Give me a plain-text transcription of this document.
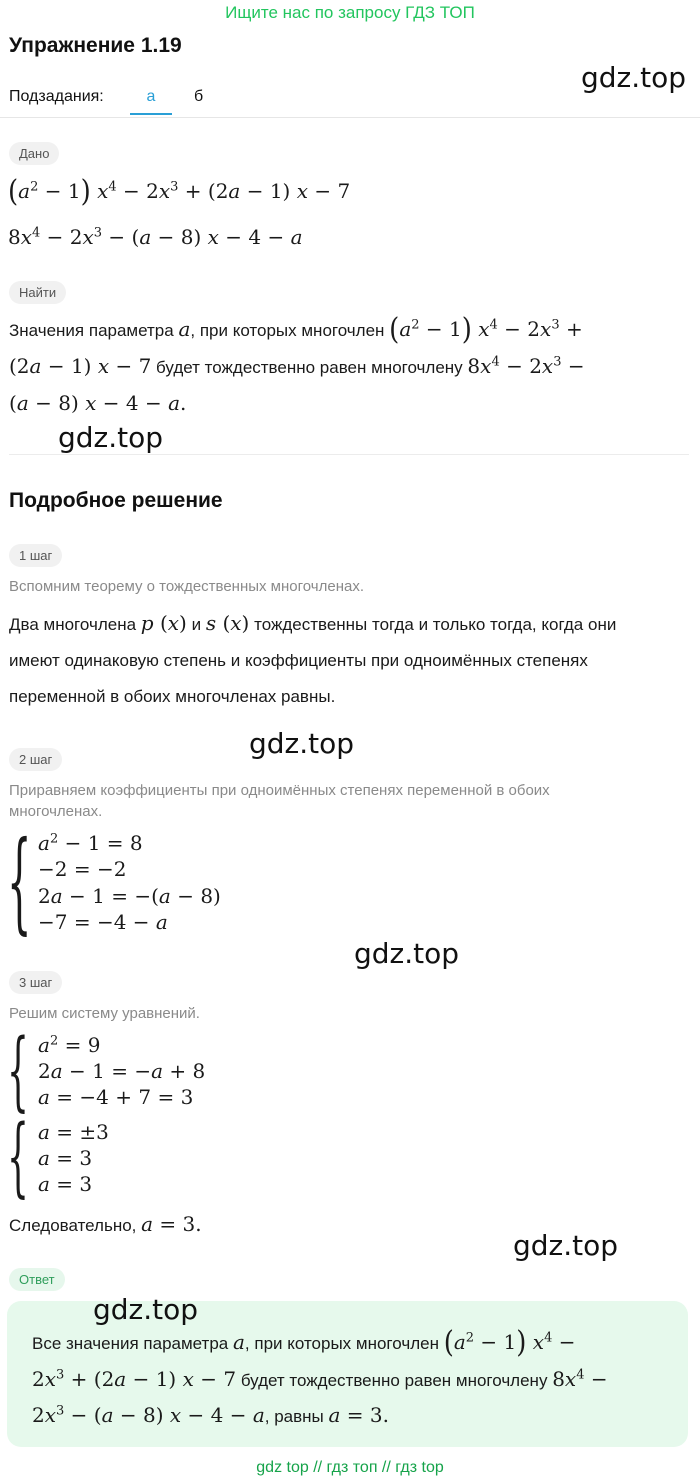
Ищите нас по запросу ГДЗ ТОП
Упражнение 1.19
gdz.top
Подзадания:	а	б
Дано
$(a^2 - 1) x^4 - 2x^3 + (2a - 1) x - 7$
$8x^4 - 2x^3 - (a - 8) x - 4 - a$
Найти
Значения параметра a, при которых многочлен $(a^2 - 1) x^4 - 2x^3$ +
(2a − 1) x − 7 будет тождественно равен многочлену $8x^4 - 2x^3$ −
(a − 8) x − 4 − a.
gdz.top
Подробное решение
1 шаг
Вспомним теорему о тождественных многочленах.
Два многочлена p (x) и s (x) тождественны тогда и только тогда, когда они
имеют одинаковую степень и коэффициенты при одноимённых степенях
переменной в обоих многочленах равны.
gdz.top
2 шаг
Приравняем коэффициенты при одноимённых степенях переменной в обоих
многочленах.
{ $a^2 - 1 = 8$
−2 = −2
2a − 1 = −(a − 8)
−7 = −4 − a
gdz.top
3 шаг
Решим систему уравнений.
{ $a^2 = 9$
2a − 1 = −a + 8
a = −4 + 7 = 3
{ a = ±3
a = 3
a = 3
Следовательно, a = 3.
gdz.top
Ответ
gdz.top
Все значения параметра a, при которых многочлен $(a^2 - 1) x^4$ −
$2x^3 + (2a - 1) x - 7$ будет тождественно равен многочлену $8x^4$ −
$2x^3 - (a - 8) x - 4 - a$, равны a = 3.
gdz top // гдз топ // гдз top
